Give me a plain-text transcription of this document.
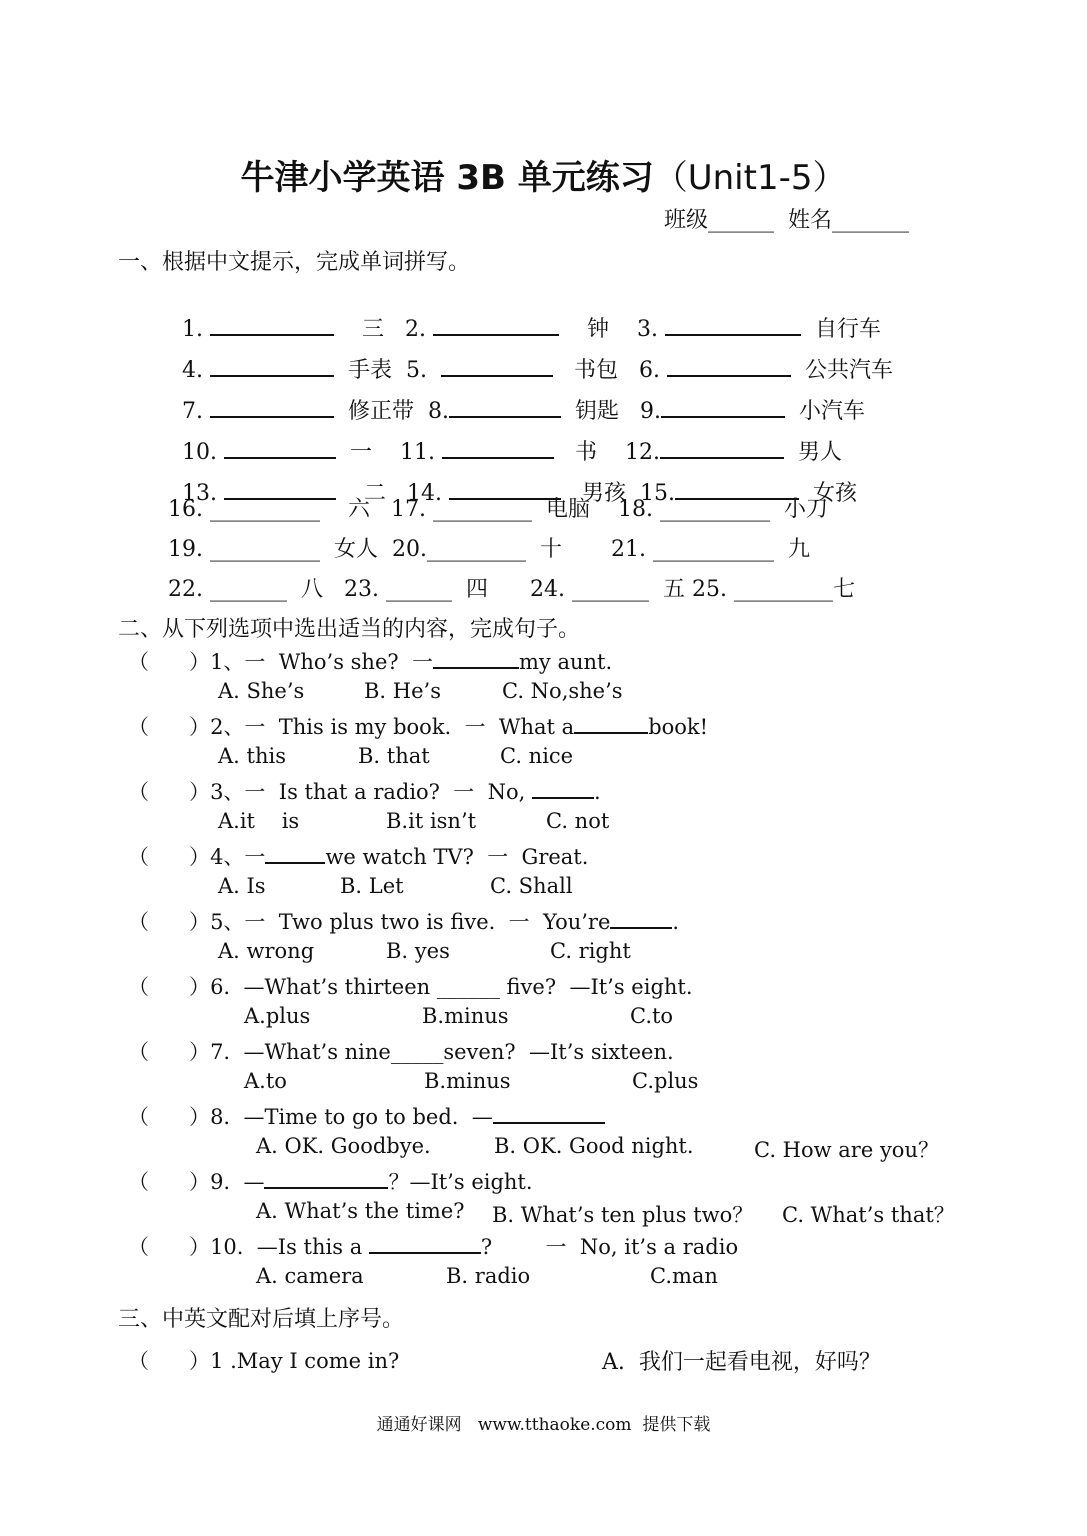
牛津小学英语 3B 单元练习（Unit1-5）
班级______ 姓名_______
一、根据中文提示，完成单词拼写。

1.	三 2.	钟 3.	自行车

4.	手表 5.	书包 6.	公共汽车

7.	修正带 8.	钥匙 9.	小汽车

10.	一 11.	书 12.	男人

13.	二 14.	男孩 15.	女孩

16. __________ 六 17. _________ 电脑 18. __________ 小刀
19. __________ 女人 20._________ 十 21. ___________ 九
22. _______ 八 23. ______ 四 24. _______ 五 25. _________七
二、从下列选项中选出适当的内容，完成句子。
（      ）1、一  Who’s she?  一	my aunt.
A. She’s	B. He’s	C. No,she’s
（      ）2、一  This is my book.  一  What a	book!
A. this	B. that	C. nice
（      ）3、一  Is that a radio?  一  No,	.
A.it    is	B.it isn’t	C. not
（      ）4、一	we watch TV?  一  Great.
A. Is	B. Let	C. Shall
（      ）5、一  Two plus two is five.  一  You’re	.
A. wrong	B. yes	C. right
（      ）6.  —What’s thirteen ______ five?  —It’s eight.
A.plus	B.minus	C.to
（      ）7.  —What’s nine_____seven?  —It’s sixteen.
A.to	B.minus	C.plus
（      ）8.  —Time to go to bed.  —
A. OK. Goodbye.	B. OK. Good night.	C. How are you？
（      ）9.  —	？—It’s eight.
A. What’s the time? B. What’s ten plus two？ C. What’s that？
（      ）10.  —Is this a	?        一  No, it’s a radio
A. camera	B. radio	C.man
三、中英文配对后填上序号。
（      ）1 .May I come in?	A.  我们一起看电视，好吗？
通通好课网   www.tthaoke.com  提供下载
